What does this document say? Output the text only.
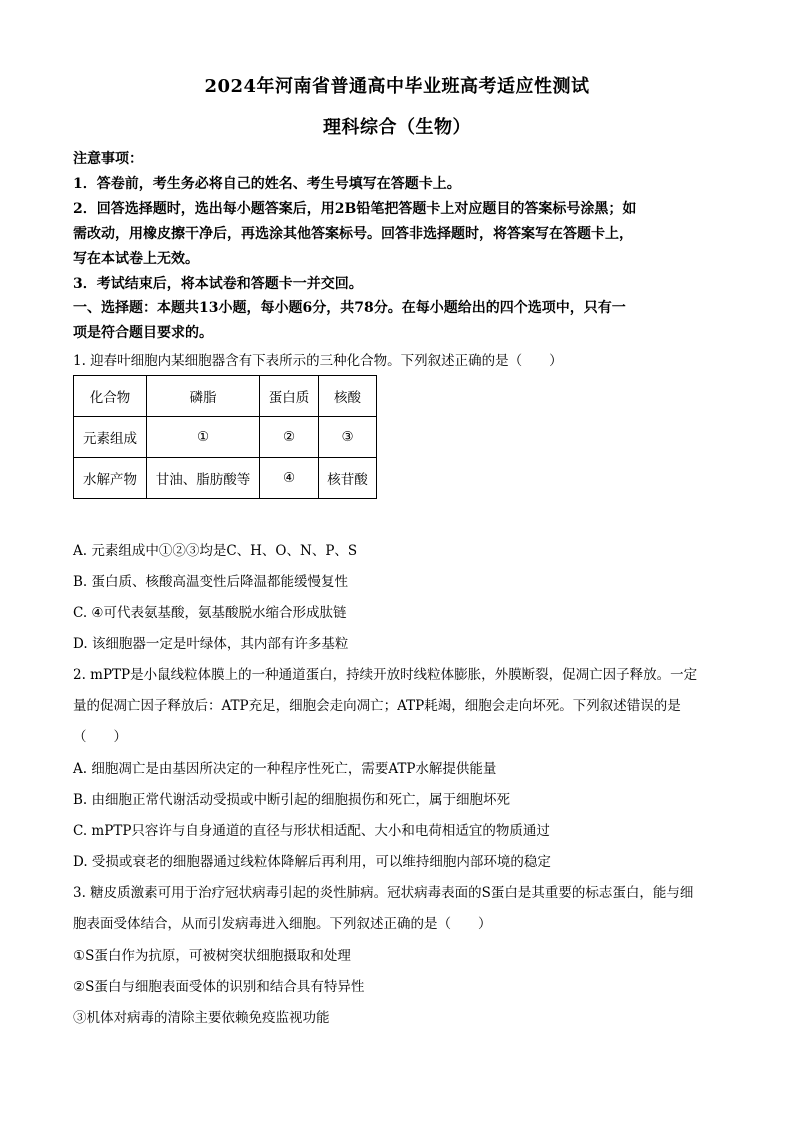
2024年河南省普通高中毕业班高考适应性测试
理科综合（生物）
注意事项：
1．答卷前，考生务必将自己的姓名、考生号填写在答题卡上。
2．回答选择题时，选出每小题答案后，用2B铅笔把答题卡上对应题目的答案标号涂黑；如
需改动，用橡皮擦干净后，再选涂其他答案标号。回答非选择题时，将答案写在答题卡上，
写在本试卷上无效。
3．考试结束后，将本试卷和答题卡一并交回。
一、选择题：本题共13小题，每小题6分，共78分。在每小题给出的四个选项中，只有一
项是符合题目要求的。
1. 迎春叶细胞内某细胞器含有下表所示的三种化合物。下列叙述正确的是（　　）
化合物	磷脂	蛋白质	核酸
元素组成	①	②	③
水解产物	甘油、脂肪酸等	④	核苷酸
A. 元素组成中①②③均是C、H、O、N、P、S
B. 蛋白质、核酸高温变性后降温都能缓慢复性
C. ④可代表氨基酸，氨基酸脱水缩合形成肽链
D. 该细胞器一定是叶绿体，其内部有许多基粒
2. mPTP是小鼠线粒体膜上的一种通道蛋白，持续开放时线粒体膨胀，外膜断裂，促凋亡因子释放。一定
量的促凋亡因子释放后：ATP充足，细胞会走向凋亡；ATP耗竭，细胞会走向坏死。下列叙述错误的是
（　　）
A. 细胞凋亡是由基因所决定的一种程序性死亡，需要ATP水解提供能量
B. 由细胞正常代谢活动受损或中断引起的细胞损伤和死亡，属于细胞坏死
C. mPTP只容许与自身通道的直径与形状相适配、大小和电荷相适宜的物质通过
D. 受损或衰老的细胞器通过线粒体降解后再利用，可以维持细胞内部环境的稳定
3. 糖皮质激素可用于治疗冠状病毒引起的炎性肺病。冠状病毒表面的S蛋白是其重要的标志蛋白，能与细
胞表面受体结合，从而引发病毒进入细胞。下列叙述正确的是（　　）
①S蛋白作为抗原，可被树突状细胞摄取和处理
②S蛋白与细胞表面受体的识别和结合具有特异性
③机体对病毒的清除主要依赖免疫监视功能
